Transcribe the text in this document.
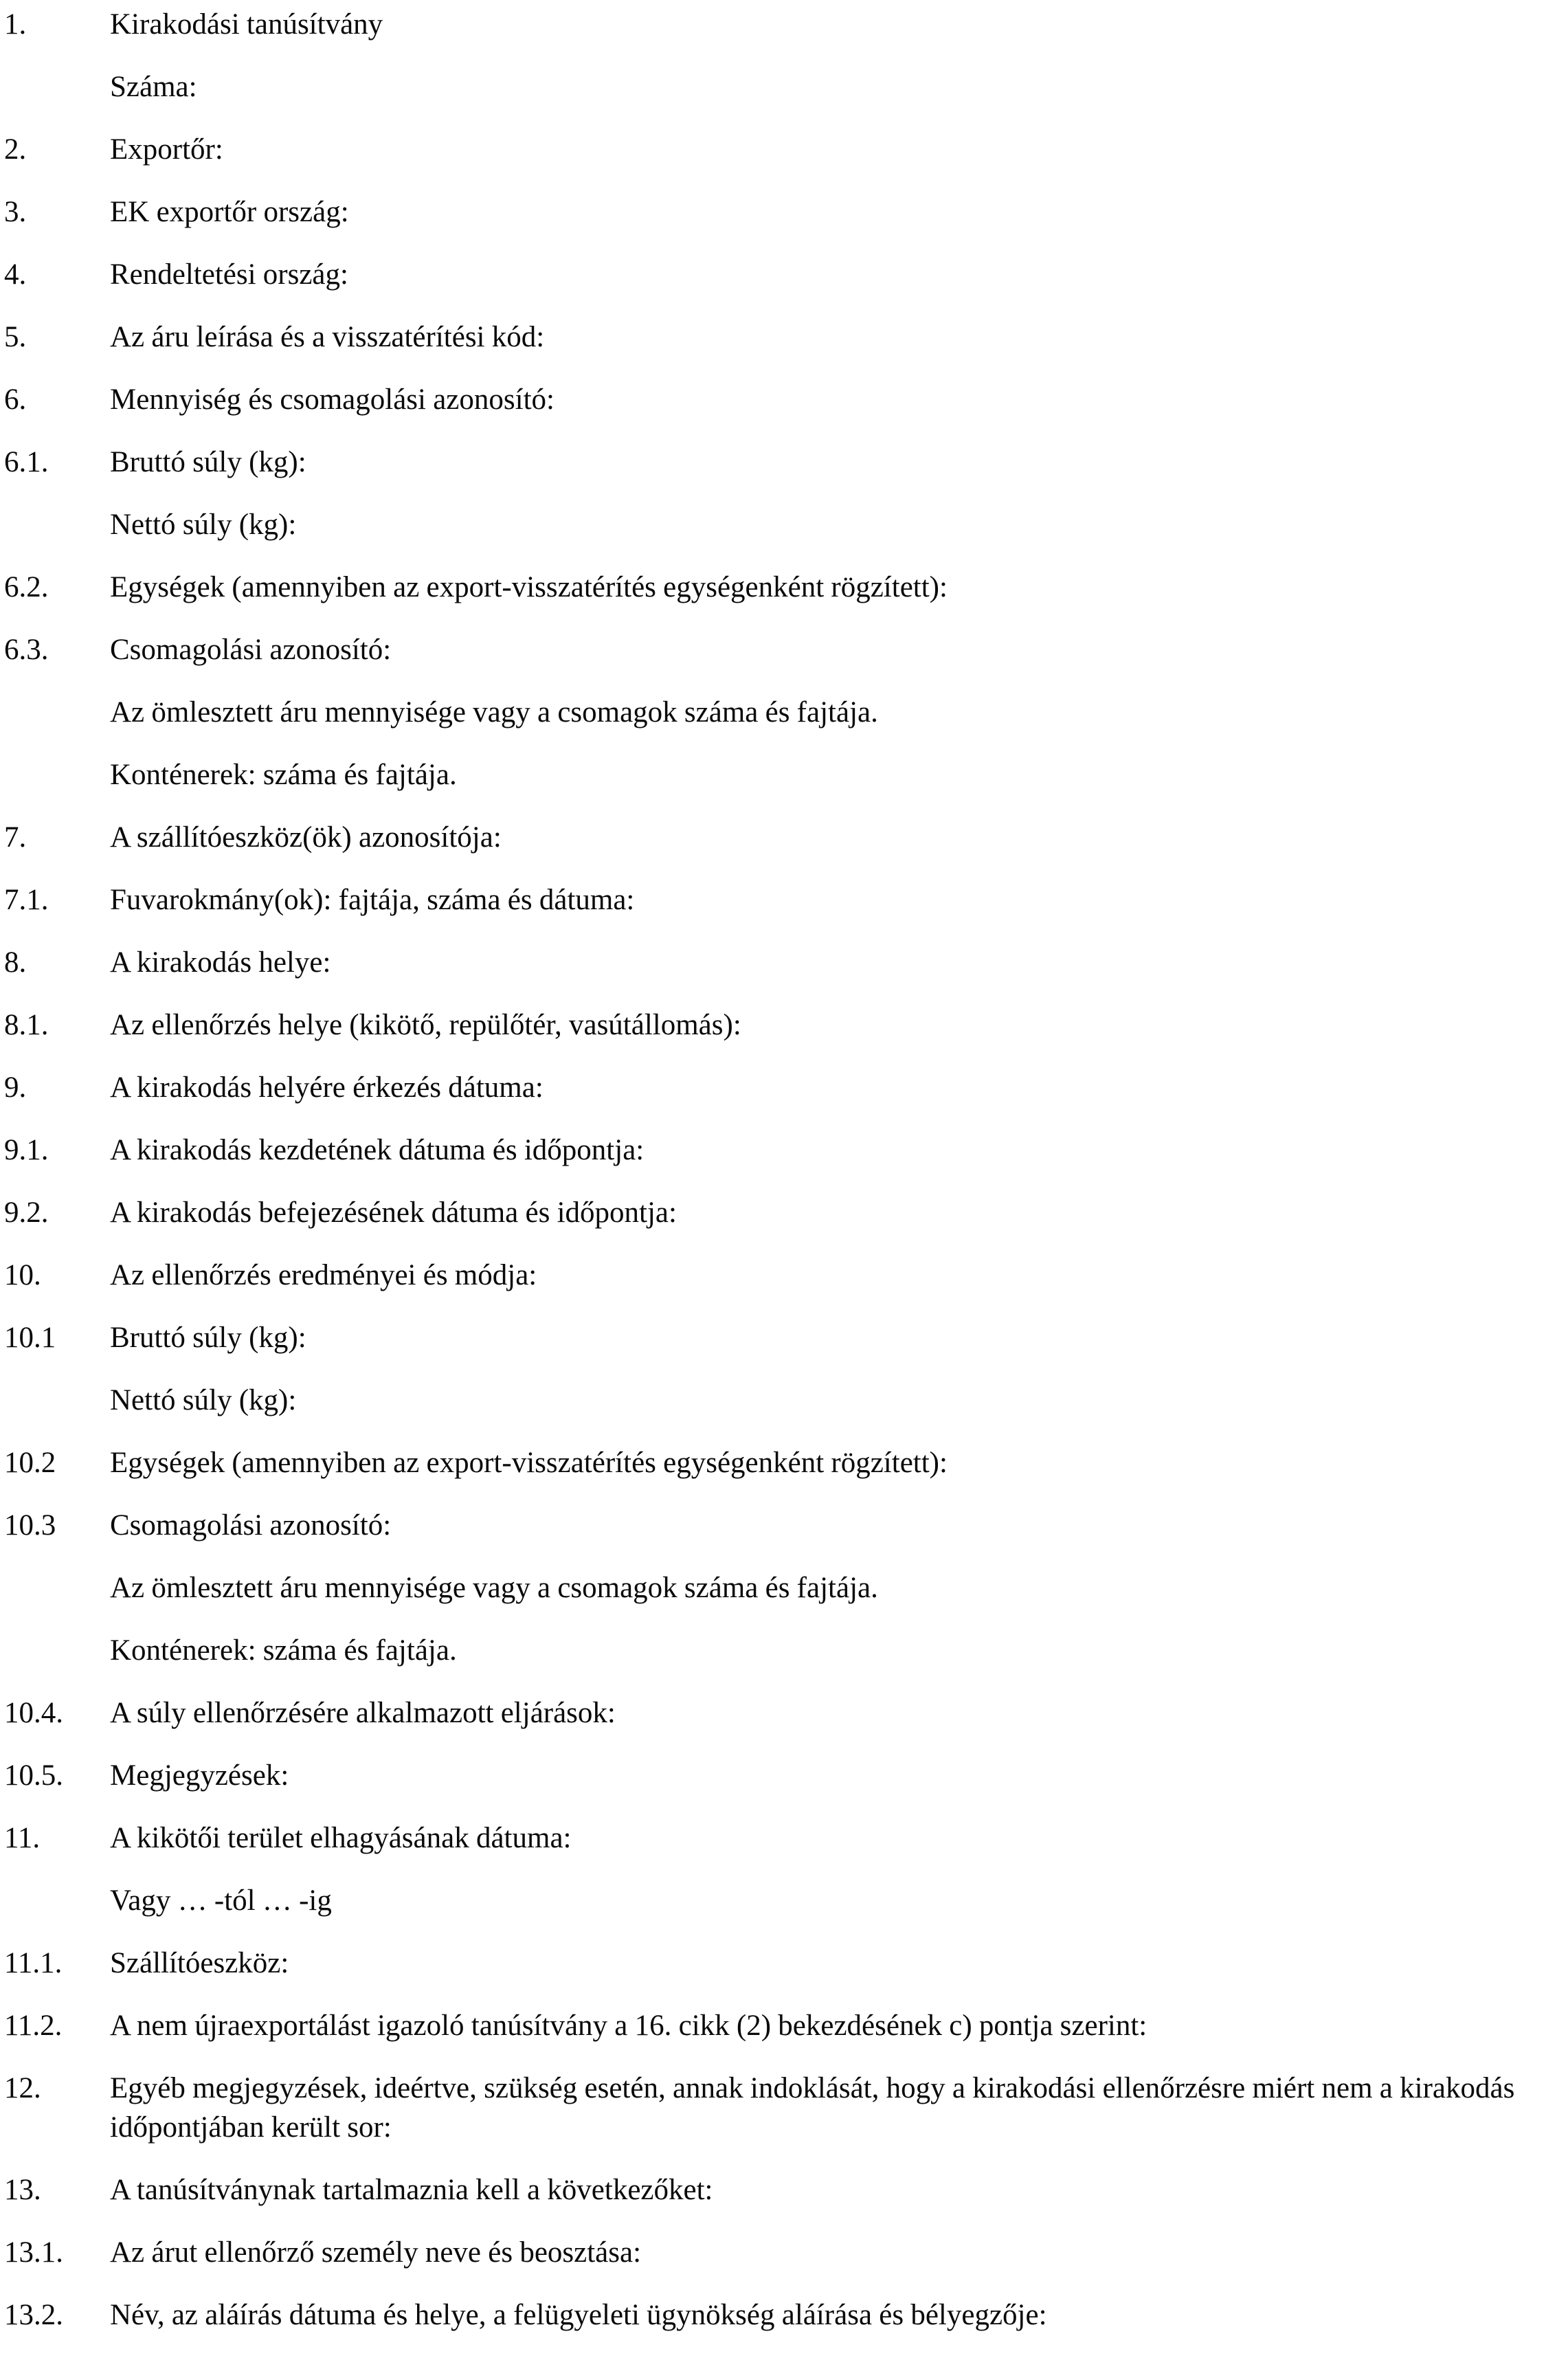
1.	Kirakodási tanúsítvány
Száma:
2.	Exportőr:
3.	EK exportőr ország:
4.	Rendeltetési ország:
5.	Az áru leírása és a visszatérítési kód:
6.	Mennyiség és csomagolási azonosító:
6.1.	Bruttó súly (kg):
Nettó súly (kg):
6.2.	Egységek (amennyiben az export-visszatérítés egységenként rögzített):
6.3.	Csomagolási azonosító:
Az ömlesztett áru mennyisége vagy a csomagok száma és fajtája.
Konténerek: száma és fajtája.
7.	A szállítóeszköz(ök) azonosítója:
7.1.	Fuvarokmány(ok): fajtája, száma és dátuma:
8.	A kirakodás helye:
8.1.	Az ellenőrzés helye (kikötő, repülőtér, vasútállomás):
9.	A kirakodás helyére érkezés dátuma:
9.1.	A kirakodás kezdetének dátuma és időpontja:
9.2.	A kirakodás befejezésének dátuma és időpontja:
10.	Az ellenőrzés eredményei és módja:
10.1	Bruttó súly (kg):
Nettó súly (kg):
10.2	Egységek (amennyiben az export-visszatérítés egységenként rögzített):
10.3	Csomagolási azonosító:
Az ömlesztett áru mennyisége vagy a csomagok száma és fajtája.
Konténerek: száma és fajtája.
10.4.	A súly ellenőrzésére alkalmazott eljárások:
10.5.	Megjegyzések:
11.	A kikötői terület elhagyásának dátuma:
Vagy … -tól … -ig
11.1.	Szállítóeszköz:
11.2.	A nem újraexportálást igazoló tanúsítvány a 16. cikk (2) bekezdésének c) pontja szerint:
12.	Egyéb megjegyzések, ideértve, szükség esetén, annak indoklását, hogy a kirakodási ellenőrzésre miért nem a kirakodás időpontjában került sor:
13.	A tanúsítványnak tartalmaznia kell a következőket:
13.1.	Az árut ellenőrző személy neve és beosztása:
13.2.	Név, az aláírás dátuma és helye, a felügyeleti ügynökség aláírása és bélyegzője:
